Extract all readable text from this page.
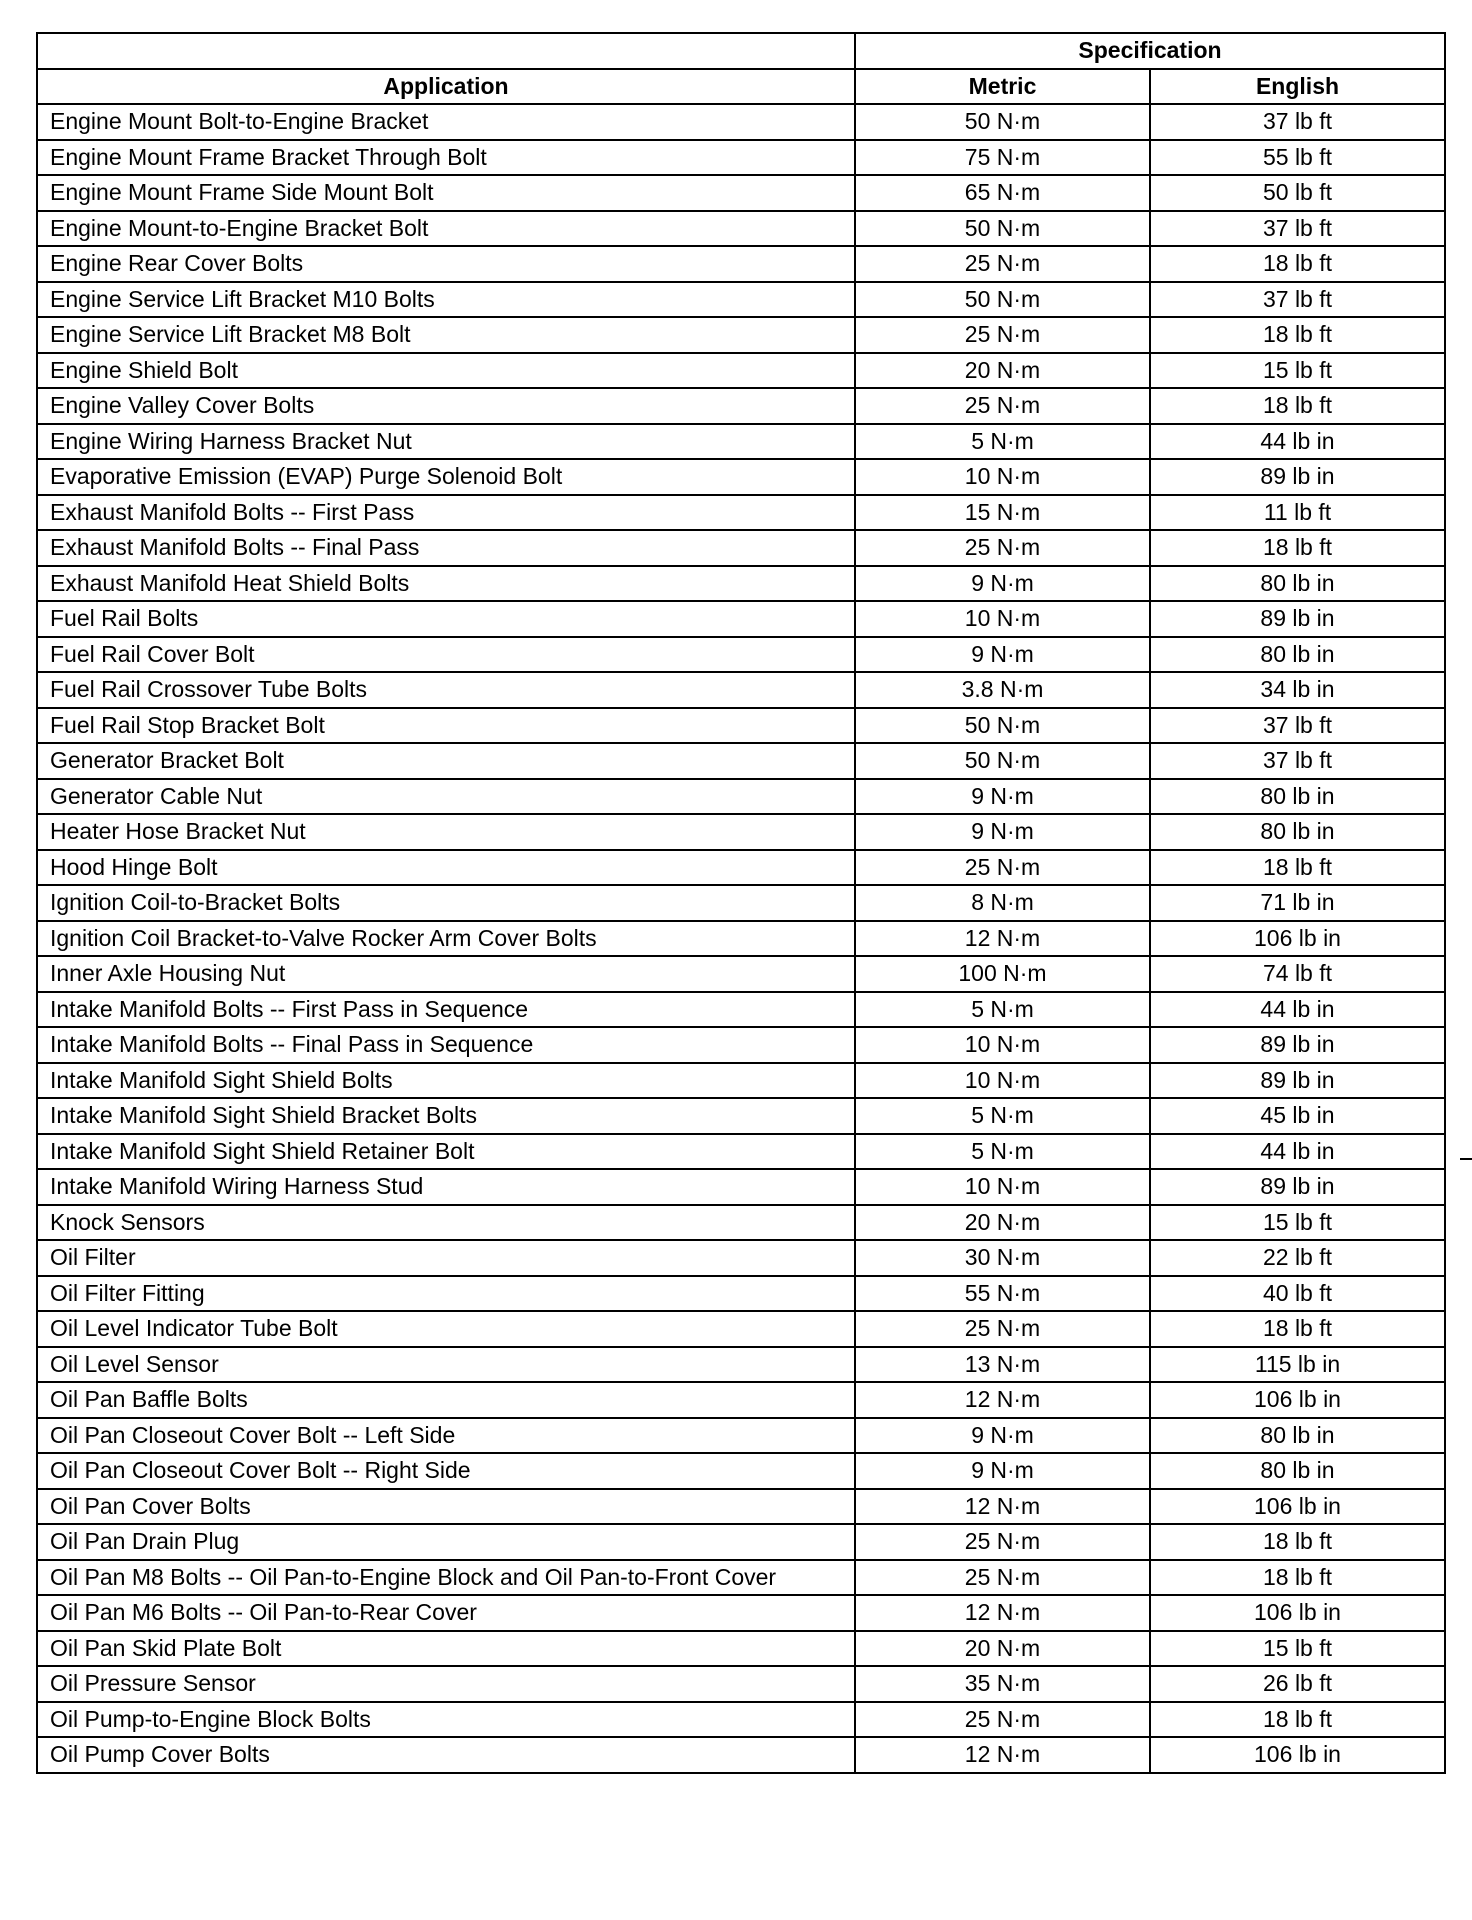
	Specification	
Application	Metric	English
Engine Mount Bolt-to-Engine Bracket	50 N·m	37 lb ft
Engine Mount Frame Bracket Through Bolt	75 N·m	55 lb ft
Engine Mount Frame Side Mount Bolt	65 N·m	50 lb ft
Engine Mount-to-Engine Bracket Bolt	50 N·m	37 lb ft
Engine Rear Cover Bolts	25 N·m	18 lb ft
Engine Service Lift Bracket M10 Bolts	50 N·m	37 lb ft
Engine Service Lift Bracket M8 Bolt	25 N·m	18 lb ft
Engine Shield Bolt	20 N·m	15 lb ft
Engine Valley Cover Bolts	25 N·m	18 lb ft
Engine Wiring Harness Bracket Nut	5 N·m	44 lb in
Evaporative Emission (EVAP) Purge Solenoid Bolt	10 N·m	89 lb in
Exhaust Manifold Bolts -- First Pass	15 N·m	11 lb ft
Exhaust Manifold Bolts -- Final Pass	25 N·m	18 lb ft
Exhaust Manifold Heat Shield Bolts	9 N·m	80 lb in
Fuel Rail Bolts	10 N·m	89 lb in
Fuel Rail Cover Bolt	9 N·m	80 lb in
Fuel Rail Crossover Tube Bolts	3.8 N·m	34 lb in
Fuel Rail Stop Bracket Bolt	50 N·m	37 lb ft
Generator Bracket Bolt	50 N·m	37 lb ft
Generator Cable Nut	9 N·m	80 lb in
Heater Hose Bracket Nut	9 N·m	80 lb in
Hood Hinge Bolt	25 N·m	18 lb ft
Ignition Coil-to-Bracket Bolts	8 N·m	71 lb in
Ignition Coil Bracket-to-Valve Rocker Arm Cover Bolts	12 N·m	106 lb in
Inner Axle Housing Nut	100 N·m	74 lb ft
Intake Manifold Bolts -- First Pass in Sequence	5 N·m	44 lb in
Intake Manifold Bolts -- Final Pass in Sequence	10 N·m	89 lb in
Intake Manifold Sight Shield Bolts	10 N·m	89 lb in
Intake Manifold Sight Shield Bracket Bolts	5 N·m	45 lb in
Intake Manifold Sight Shield Retainer Bolt	5 N·m	44 lb in
Intake Manifold Wiring Harness Stud	10 N·m	89 lb in
Knock Sensors	20 N·m	15 lb ft
Oil Filter	30 N·m	22 lb ft
Oil Filter Fitting	55 N·m	40 lb ft
Oil Level Indicator Tube Bolt	25 N·m	18 lb ft
Oil Level Sensor	13 N·m	115 lb in
Oil Pan Baffle Bolts	12 N·m	106 lb in
Oil Pan Closeout Cover Bolt -- Left Side	9 N·m	80 lb in
Oil Pan Closeout Cover Bolt -- Right Side	9 N·m	80 lb in
Oil Pan Cover Bolts	12 N·m	106 lb in
Oil Pan Drain Plug	25 N·m	18 lb ft
Oil Pan M8 Bolts -- Oil Pan-to-Engine Block and Oil Pan-to-Front Cover	25 N·m	18 lb ft
Oil Pan M6 Bolts -- Oil Pan-to-Rear Cover	12 N·m	106 lb in
Oil Pan Skid Plate Bolt	20 N·m	15 lb ft
Oil Pressure Sensor	35 N·m	26 lb ft
Oil Pump-to-Engine Block Bolts	25 N·m	18 lb ft
Oil Pump Cover Bolts	12 N·m	106 lb in
